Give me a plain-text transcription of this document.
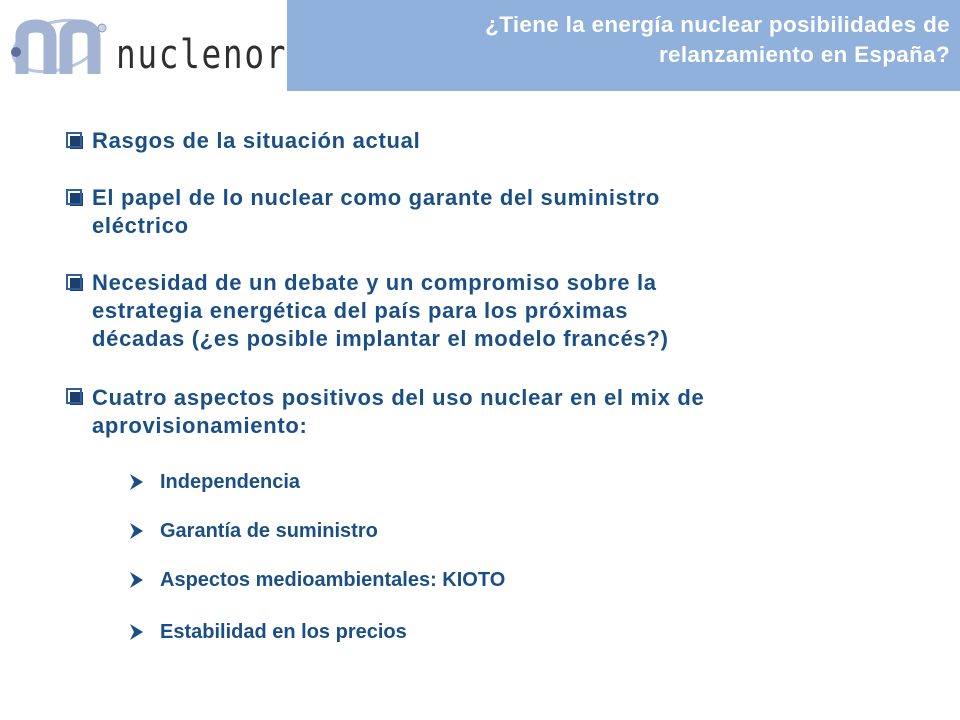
nuclenor
¿Tiene la energía nuclear posibilidades de
relanzamiento en España?
Rasgos de la situación actual
El papel de lo nuclear como garante del suministro
eléctrico
Necesidad de un debate y un compromiso sobre la
estrategia energética del país para los próximas
décadas (¿es posible implantar el modelo francés?)
Cuatro aspectos positivos del uso nuclear en el mix de
aprovisionamiento:
Independencia
Garantía de suministro
Aspectos medioambientales: KIOTO
Estabilidad en los precios
